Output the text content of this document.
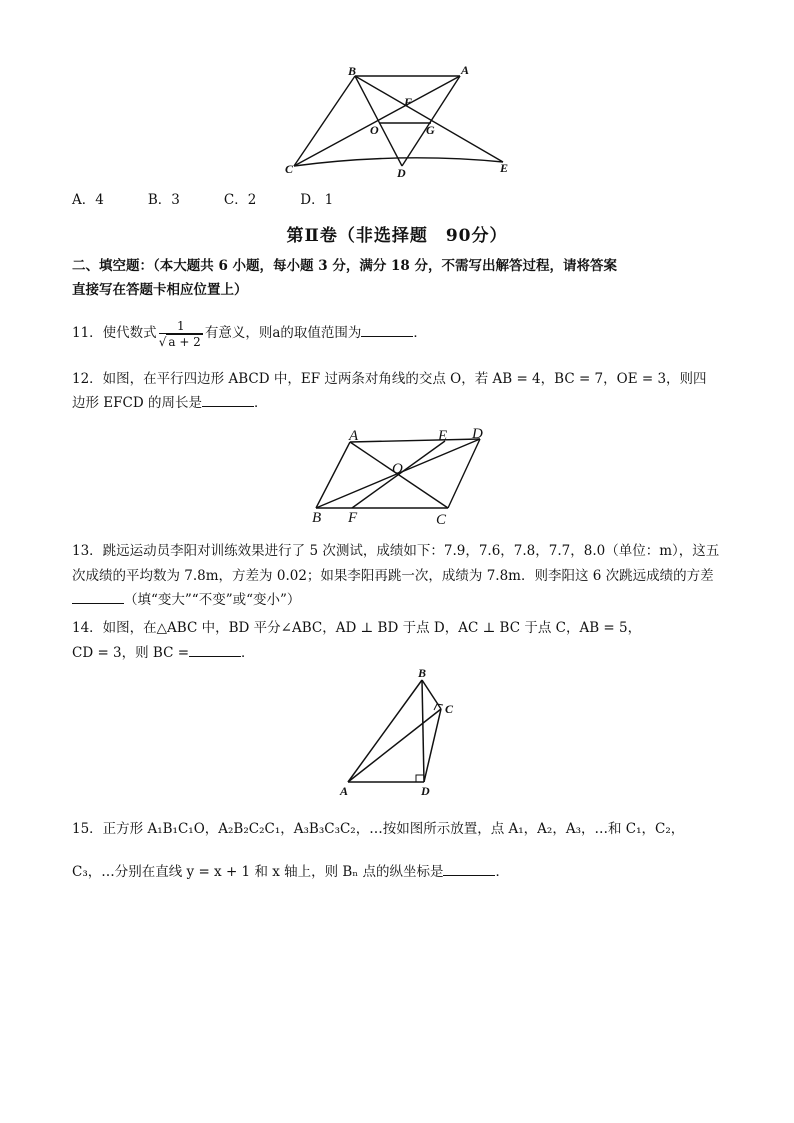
B	A
F
O	G
C	D	E
A．4	B．3	C．2	D．1
第Ⅱ卷（非选择题　90分）
二、填空题：（本大题共 6 小题，每小题 3 分，满分 18 分，不需写出解答过程，请将答案
直接写在答题卡相应位置上）
11．使代数式 $\frac{1}{√ a + 2}$ 有意义，则a的取值范围为	．
12．如图，在平行四边形 ABCD 中，EF 过两条对角线的交点 O，若 AB = 4，BC = 7，OE = 3，则四
边形 EFCD 的周长是	．
A	E D
O
B F	C
13．跳远运动员李阳对训练效果进行了 5 次测试，成绩如下：7.9，7.6，7.8，7.7，8.0（单位：m），这五
次成绩的平均数为 7.8m，方差为 0.02；如果李阳再跳一次，成绩为 7.8m．则李阳这 6 次跳远成绩的方差
（填“变大”“不变”或“变小”）
14．如图，在△ABC 中，BD 平分∠ABC，AD ⊥ BD 于点 D，AC ⊥ BC 于点 C，AB = 5，
CD = 3，则 BC =	．
B
C
A	D
15．正方形 A₁B₁C₁O，A₂B₂C₂C₁，A₃B₃C₃C₂，…按如图所示放置，点 A₁，A₂，A₃，…和 C₁，C₂，
C₃，…分别在直线 y = x + 1 和 x 轴上，则 Bₙ 点的纵坐标是	．
